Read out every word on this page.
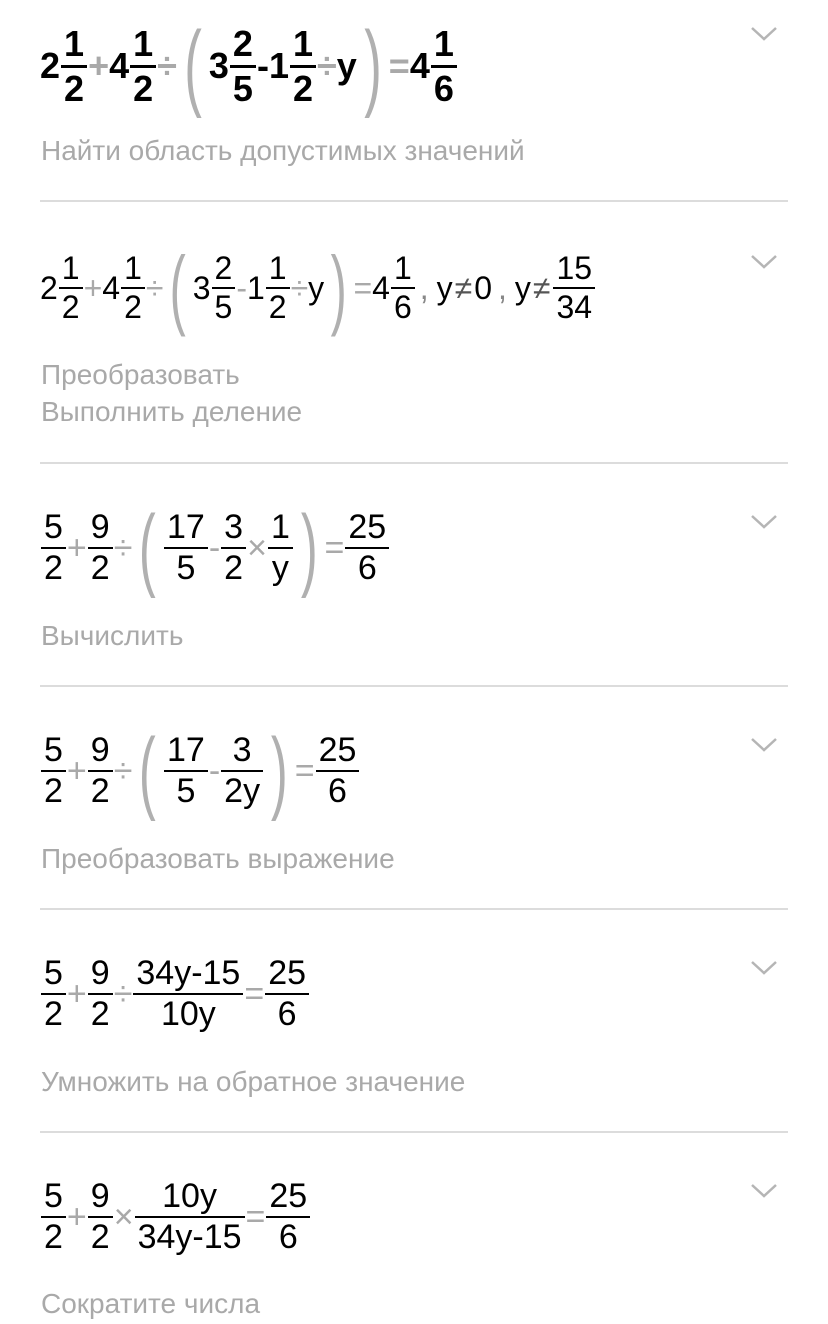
$2 \frac{1}{2} + 4 \frac{1}{2}$ ÷ ( $3 \frac{2}{5} - 1 \frac{1}{2} \div y$ ) = $4 \frac{1}{6}$
Найти область допустимых значений
$2 \frac{1}{2} + 4 \frac{1}{2}$ ÷ ( $3 \frac{2}{5} - 1 \frac{1}{2} \div y$ ) = $4 \frac{1}{6}$ , y ≠ 0 , $y \ne \frac{15}{34}$
Преобразовать
Выполнить деление
$\frac{5}{2} + \frac{9}{2}$ ÷ ( $\frac{17}{5} - \frac{3}{2} \times \frac{1}{y}$ ) = $\frac{25}{6}$
Вычислить
$\frac{5}{2} + \frac{9}{2}$ ÷ ( $\frac{17}{5} - \frac{3}{2y}$ ) = $\frac{25}{6}$
Преобразовать выражение
$\frac{5}{2} + \frac{9}{2} \div \frac{34y-15}{10y} = \frac{25}{6}$
Умножить на обратное значение
$\frac{5}{2} + \frac{9}{2} \times \frac{10y}{34y-15} = \frac{25}{6}$
Сократите числа
